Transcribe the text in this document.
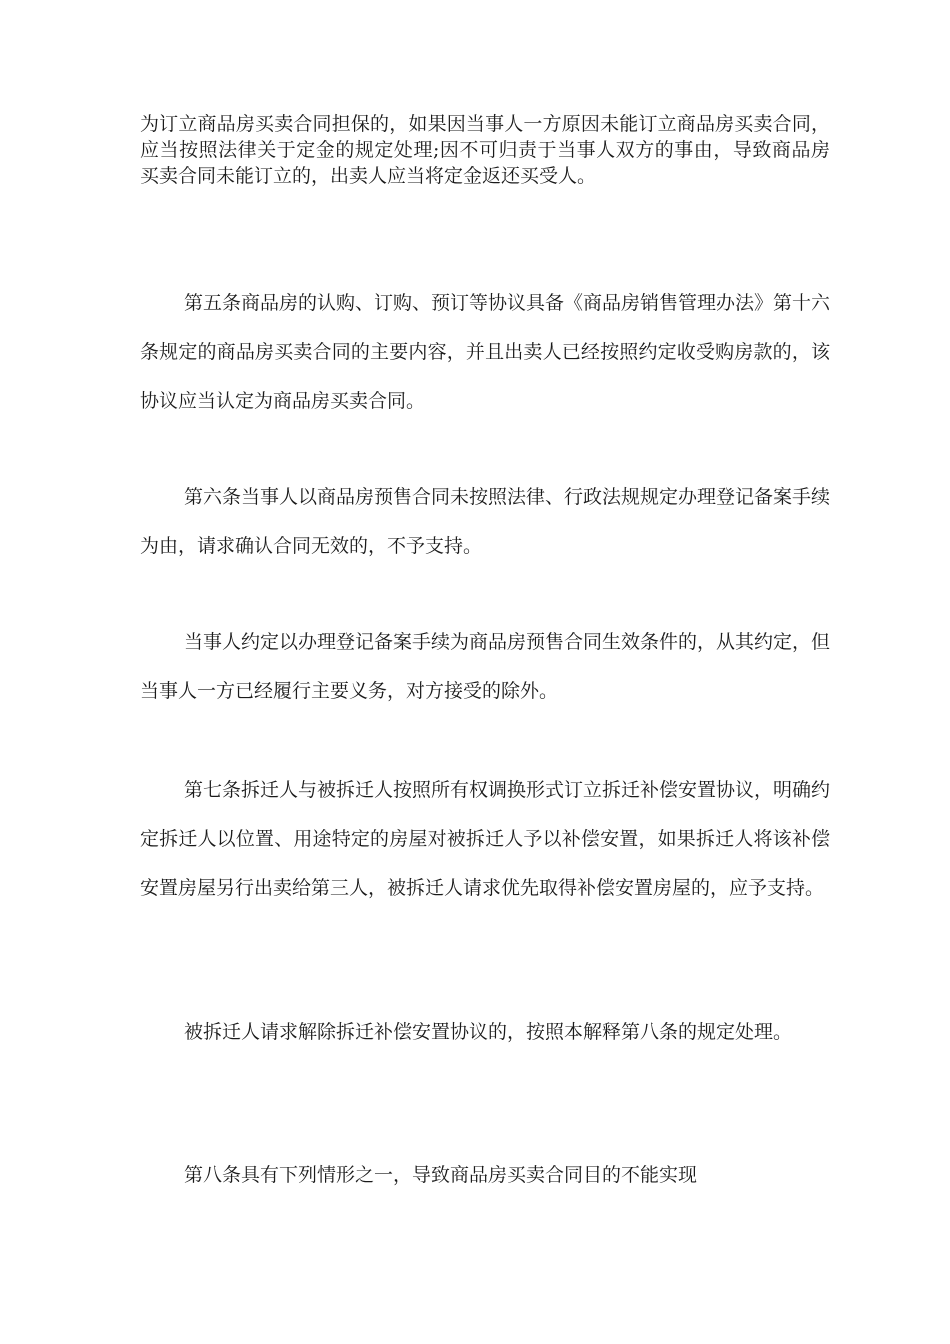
为订立商品房买卖合同担保的，如果因当事人一方原因未能订立商品房买卖合同，应当按照法律关于定金的规定处理;因不可归责于当事人双方的事由，导致商品房买卖合同未能订立的，出卖人应当将定金返还买受人。

第五条商品房的认购、订购、预订等协议具备《商品房销售管理办法》第十六条规定的商品房买卖合同的主要内容，并且出卖人已经按照约定收受购房款的，该协议应当认定为商品房买卖合同。

第六条当事人以商品房预售合同未按照法律、行政法规规定办理登记备案手续为由，请求确认合同无效的，不予支持。

当事人约定以办理登记备案手续为商品房预售合同生效条件的，从其约定，但当事人一方已经履行主要义务，对方接受的除外。

第七条拆迁人与被拆迁人按照所有权调换形式订立拆迁补偿安置协议，明确约定拆迁人以位置、用途特定的房屋对被拆迁人予以补偿安置，如果拆迁人将该补偿安置房屋另行出卖给第三人，被拆迁人请求优先取得补偿安置房屋的，应予支持。

被拆迁人请求解除拆迁补偿安置协议的，按照本解释第八条的规定处理。

第八条具有下列情形之一，导致商品房买卖合同目的不能实现
